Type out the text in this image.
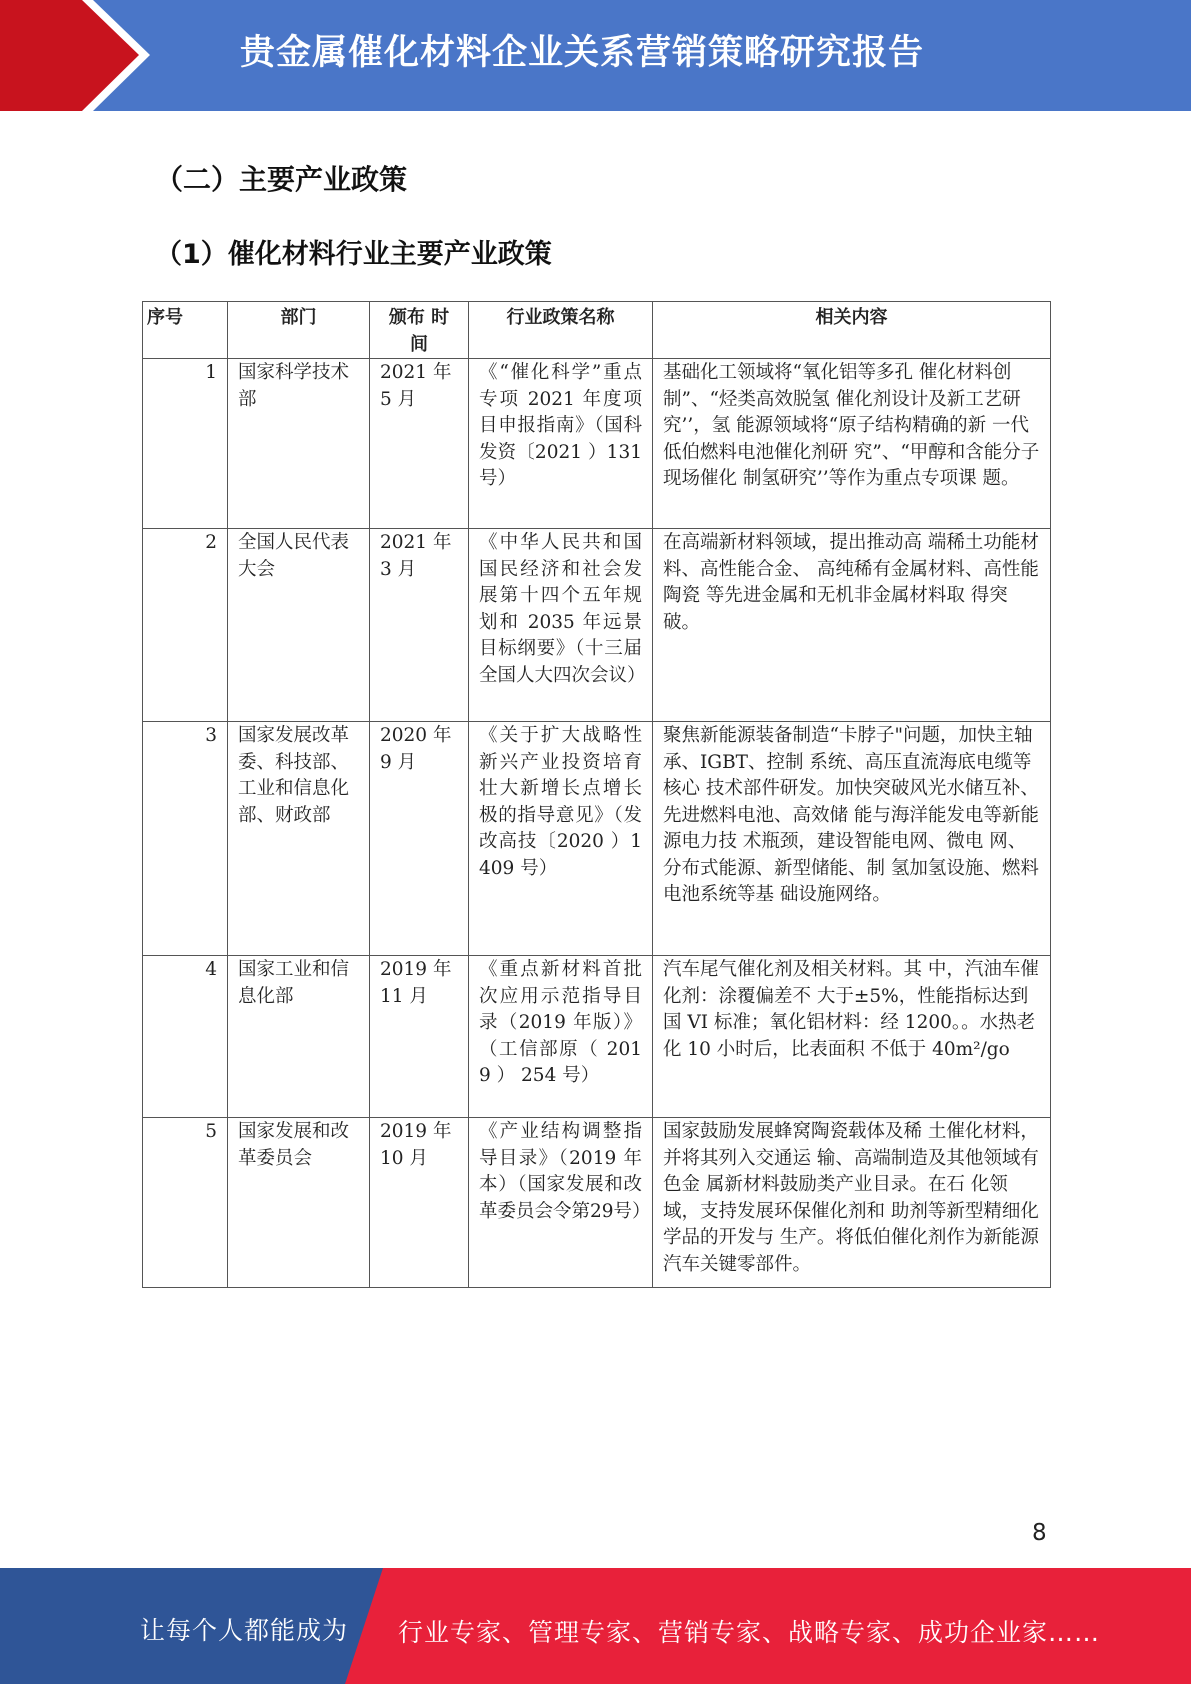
贵金属催化材料企业关系营销策略研究报告
（二）主要产业政策
（1）催化材料行业主要产业政策
序号	部门	颁布 时间	行业政策名称	相关内容
1	国家科学技术部	2021 年 5 月	《“催化科学”重点专项 2021 年度项目申报指南》（国科发资〔2021 ）131 号）	基础化工领域将“氧化铝等多孔 催化材料创制”、“烃类高效脱氢 催化剂设计及新工艺研究’’，氢 能源领域将“原子结构精确的新 一代低伯燃料电池催化剂研 究”、“甲醇和含能分子现场催化 制氢研究’’等作为重点专项课 题。
2	全国人民代表大会	2021 年 3 月	《中华人民共和国国民经济和社会发展第十四个五年规划和 2035 年远景目标纲要》（十三届全国人大四次会议）	在高端新材料领域，提出推动高 端稀土功能材料、高性能合金、 高纯稀有金属材料、高性能陶瓷 等先进金属和无机非金属材料取 得突破。
3	国家发展改革委、科技部、工业和信息化部、财政部	2020 年 9 月	《关于扩大战略性新兴产业投资培育壮大新增长点增长极的指导意见》（发 改高技〔2020 ）1409 号）	聚焦新能源装备制造“卡脖子"问题，加快主轴承、IGBT、控制 系统、高压直流海底电缆等核心 技术部件研发。加快突破风光水储互补、先进燃料电池、高效储 能与海洋能发电等新能源电力技 术瓶颈，建设智能电网、微电 网、分布式能源、新型储能、制 氢加氢设施、燃料电池系统等基 础设施网络。

4	国家工业和信息化部	2019 年 11 月	《重点新材料首批次应用示范指导目录（2019 年版）》（工信部原（ 2019 ） 254 号）	汽车尾气催化剂及相关材料。其 中，汽油车催化剂：涂覆偏差不 大于±5%，性能指标达到国 VI 标准；氧化铝材料：经 1200。。水热老化 10 小时后，比表面积 不低于 40m²/go
5	国家发展和改革委员会	2019 年 10 月	《产业结构调整指导目录》（2019 年本）（国家发展和改革委员会令第29号）	国家鼓励发展蜂窝陶瓷载体及稀 土催化材料，并将其列入交通运 输、高端制造及其他领域有色金 属新材料鼓励类产业目录。在石 化领域，支持发展环保催化剂和 助剂等新型精细化学品的开发与 生产。将低伯催化剂作为新能源 汽车关键零部件。
8
让每个人都能成为 行业专家、管理专家、营销专家、战略专家、成功企业家……
